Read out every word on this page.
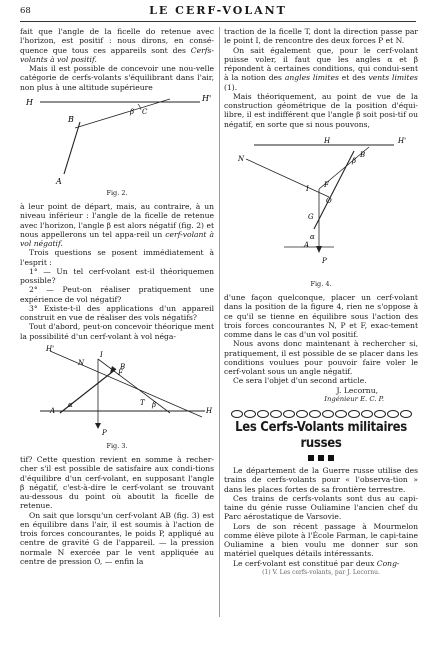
68	LE CERF-VOLANT

fait que l'angle de la ficelle do retenue avec l'horizon, est positif : nous dirons, en consé-quence que tous ces appareils sont des Cerfs-volants à vol positif.

Mais il est possible de concevoir une nou-velle catégorie de cerfs-volants s'équilibrant dans l'air, non plus à une altitude supérieure

H	H'
B
β C
A
Fig. 2.

à leur point de départ, mais, au contraire, à un niveau inférieur : l'angle de la ficelle de retenue avec l'horizon, l'angle β est alors négatif (fig. 2) et nous appellerons un tel appa-reil un cerf-volant à vol négatif.

Trois questions se posent immédiatement à l'esprit :

1° — Un tel cerf-volant est-il théoriquemen possible?

2° — Peut-on réaliser pratiquement une expérience de vol négatif?

3° Existe-t-il des applications d'un appareil construit en vue de réaliser des vols négatifs?

Tout d'abord, peut-on concevoir théorique ment la possibilité d'un cerf-volant à vol néga-

H'
N
I
F
α
H
β
A
B
T
P
Fig. 3.

tif? Cette question revient en somme à recher-cher s'il est possible de satisfaire aux condi-tions d'équilibre d'un cerf-volant, en supposant l'angle β négatif, c'est-à-dire le cerf-volant se trouvant au-dessous du point où aboutit la ficelle de retenue.

On sait que lorsqu'un cerf-volant AB (fig. 3) est en équilibre dans l'air, il est soumis à l'action de trois forces concourantes, le poids P, appliqué au centre de gravité G de l'appareil. — la pression normale N exercée par le vent appliquée au centre de pression O, — enfin la

traction de la ficelle T, dont la direction passe par le point I, de rencontre des deux forces P et N.

On sait également que, pour le cerf-volant puisse voler, il faut que les angles α et β répondent à certaines conditions, qui condui-sent à la notion des angles limites et des vents limites (1).

Mais théoriquement, au point de vue de la construction géométrique de la position d'équi-libre, il est indifférent que l'angle β soit posi-tif ou négatif, en sorte que si nous pouvons,

H	H'
N	β
B
I F
O
G
α
A
P
Fig. 4.

d'une façon quelconque, placer un cerf-volant dans la position de la figure 4, rien ne s'oppose à ce qu'il se tienne en équilibre sous l'action des trois forces concourantes N, P et F, exac-tement comme dans le cas d'un vol positif.

Nous avons donc maintenant à rechercher si, pratiquement, il est possible de se placer dans les conditions voulues pour pouvoir faire voler le cerf-volant sous un angle négatif.

Ce sera l'objet d'un second article.

J. Lecornu,
Ingénieur E. C. P.
Les Cerfs-Volants militaires russes

Le département de la Guerre russe utilise des trains de cerfs-volants pour « l'observa-tion » dans les places fortes de sa frontière terrestre.

Ces trains de cerfs-volants sont dus au capi-taine du génie russe Ouliamine l'ancien chef du Parc aérostatique de Varsovie.

Lors de son récent passage à Mourmelon comme élève pilote à l'École Farman, le capi-taine Ouliamine a bien voulu me donner sur son matériel quelques détails intéressants.

Le cerf-volant est constitué par deux Cong-

(1) V. Les cerfs-volants, par J. Lecornu.
